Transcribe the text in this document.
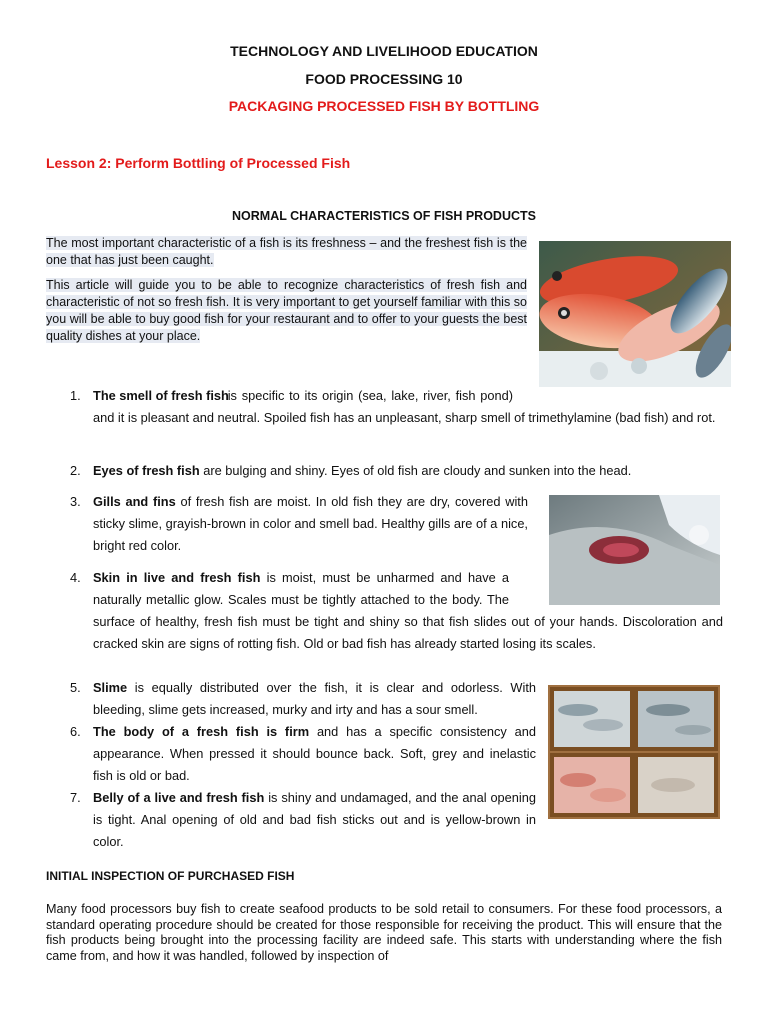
TECHNOLOGY AND LIVELIHOOD EDUCATION
FOOD PROCESSING 10
PACKAGING PROCESSED FISH BY BOTTLING
Lesson 2: Perform Bottling of Processed Fish
NORMAL CHARACTERISTICS OF FISH PRODUCTS
The most important characteristic of a fish is its freshness – and the freshest fish is the one that has just been caught.
This article will guide you to be able to recognize characteristics of fresh fish and characteristic of not so fresh fish. It is very important to get yourself familiar with this so you will be able to buy good fish for your restaurant and to offer to your guests the best quality dishes at your place.
1. The smell of fresh fish
is specific to its origin (sea, lake, river, fish pond) and it is pleasant and neutral. Spoiled fish has an unpleasant, sharp smell of trimethylamine (bad fish) and rot.
2. Eyes of fresh fish are bulging and shiny. Eyes of old fish are cloudy and sunken into the head.
3. Gills and fins of fresh fish are moist. In old fish they are dry, covered with sticky slime, grayish-brown in color and smell bad. Healthy gills are of a nice, bright red color.
4. Skin in live and fresh fish is moist, must be unharmed and have a naturally metallic glow. Scales must be tightly attached to the body. The surface of healthy, fresh fish must be tight and shiny so that fish slides out of your hands. Discoloration and cracked skin are signs of rotting fish. Old or bad fish has already started losing its scales.
5. Slime is equally distributed over the fish, it is clear and odorless. With bleeding, slime gets increased, murky and irty and has a sour smell.
6. The body of a fresh fish is firm and has a specific consistency and appearance. When pressed it should bounce back. Soft, grey and inelastic fish is old or bad.
7. Belly of a live and fresh fish is shiny and undamaged, and the anal opening is tight. Anal opening of old and bad fish sticks out and is yellow-brown in color.
INITIAL INSPECTION OF PURCHASED FISH
Many food processors buy fish to create seafood products to be sold retail to consumers. For these food processors, a standard operating procedure should be created for those responsible for receiving the product. This will ensure that the fish products being brought into the processing facility are indeed safe. This starts with understanding where the fish came from, and how it was handled, followed by inspection of
